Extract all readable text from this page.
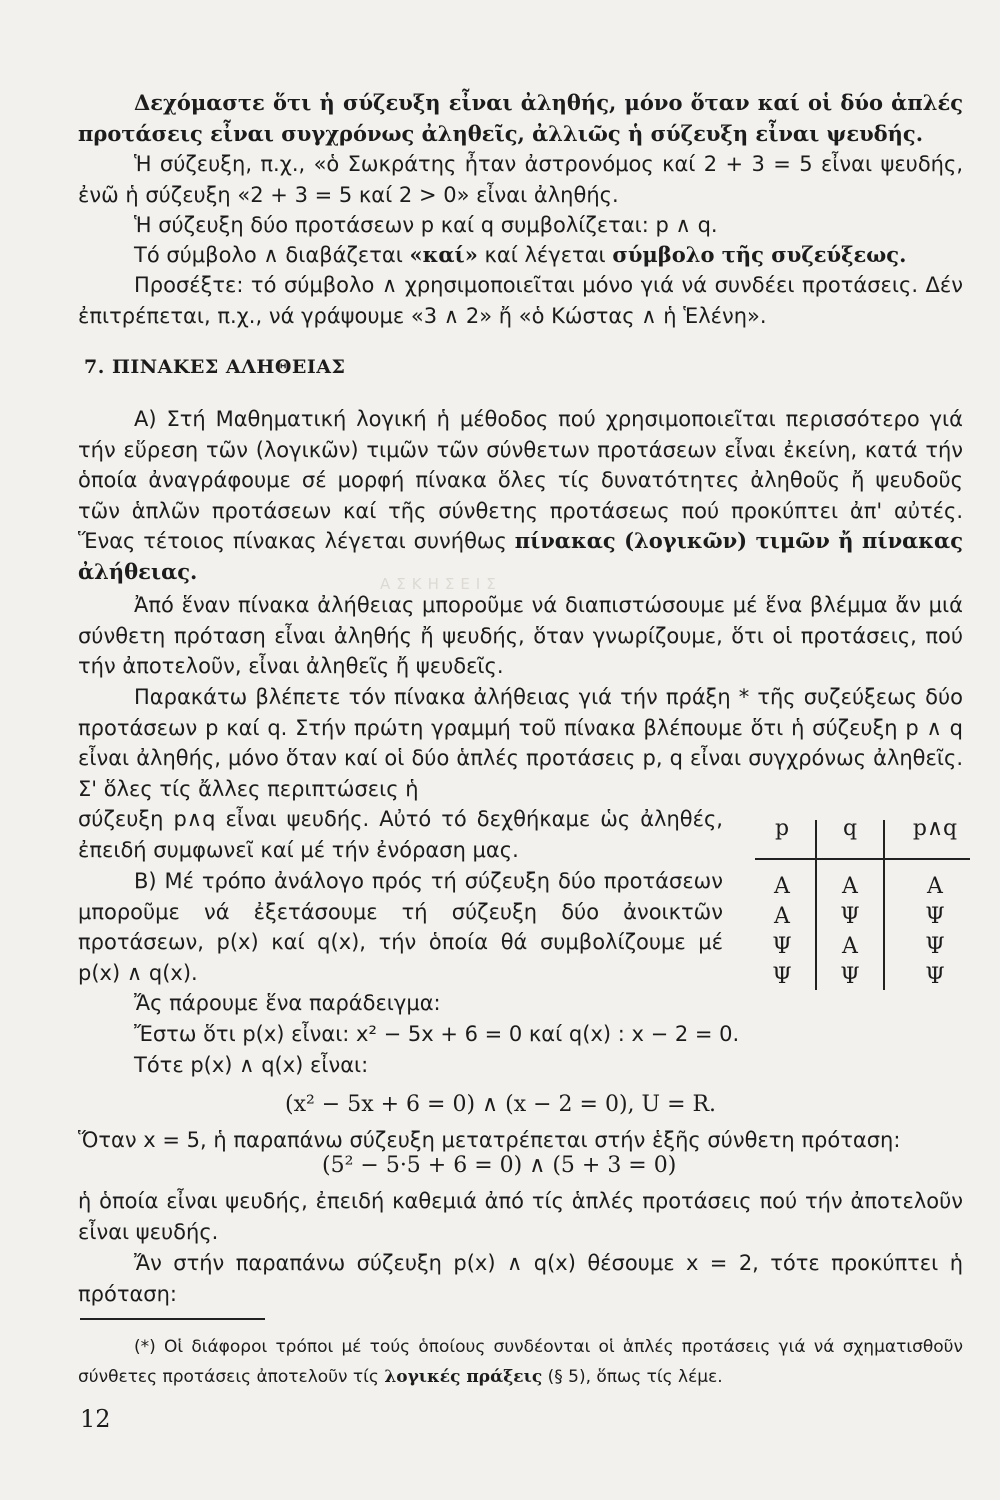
ΑΣΚΗΣΕΙΣ

Δεχόμαστε ὅτι ἡ σύζευξη εἶναι ἀληθής, μόνο ὅταν καί οἱ δύο ἁπλές προτάσεις εἶναι συγχρόνως ἀληθεῖς, ἀλλιῶς ἡ σύζευξη εἶναι ψευδής.

Ἡ σύζευξη, π.χ., «ὁ Σωκράτης ἦταν ἀστρονόμος καί 2 + 3 = 5 εἶναι ψευδής, ἐνῶ ἡ σύζευξη «2 + 3 = 5 καί 2 > 0» εἶναι ἀληθής.

Ἡ σύζευξη δύο προτάσεων p καί q συμβολίζεται: p ∧ q.

Τό σύμβολο ∧ διαβάζεται «καί» καί λέγεται σύμβολο τῆς συζεύξεως.

Προσέξτε: τό σύμβολο ∧ χρησιμοποιεῖται μόνο γιά νά συνδέει προτάσεις. Δέν ἐπιτρέπεται, π.χ., νά γράψουμε «3 ∧ 2» ἤ «ὁ Κώστας ∧ ἡ Ἑλένη».

7. ΠΙΝΑΚΕΣ ΑΛΗΘΕΙΑΣ

Α) Στή Μαθηματική λογική ἡ μέθοδος πού χρησιμοποιεῖται περισσότερο γιά τήν εὕρεση τῶν (λογικῶν) τιμῶν τῶν σύνθετων προτάσεων εἶναι ἐκείνη, κατά τήν ὁποία ἀναγράφουμε σέ μορφή πίνακα ὅλες τίς δυνατότητες ἀληθοῦς ἤ ψευδοῦς τῶν ἁπλῶν προτάσεων καί τῆς σύνθετης προτάσεως πού προκύπτει ἀπ' αὐτές. Ἕνας τέτοιος πίνακας λέγεται συνήθως πίνακας (λογικῶν) τιμῶν ἤ πίνακας ἀλήθειας.

Ἀπό ἕναν πίνακα ἀλήθειας μποροῦμε νά διαπιστώσουμε μέ ἕνα βλέμμα ἄν μιά σύνθετη πρόταση εἶναι ἀληθής ἤ ψευδής, ὅταν γνωρίζουμε, ὅτι οἱ προτάσεις, πού τήν ἀποτελοῦν, εἶναι ἀληθεῖς ἤ ψευδεῖς.

Παρακάτω βλέπετε τόν πίνακα ἀλήθειας γιά τήν πράξη * τῆς συζεύξεως δύο προτάσεων p καί q. Στήν πρώτη γραμμή τοῦ πίνακα βλέπουμε ὅτι ἡ σύζευξη p ∧ q εἶναι ἀληθής, μόνο ὅταν καί οἱ δύο ἁπλές προτάσεις p, q εἶναι συγχρόνως ἀληθεῖς. Σ' ὅλες τίς ἄλλες περιπτώσεις ἡ

σύζευξη p∧q εἶναι ψευδής. Αὐτό τό δεχθήκαμε ὡς ἀληθές, ἐπειδή συμφωνεῖ καί μέ τήν ἐνόραση μας.

Β) Μέ τρόπο ἀνάλογο πρός τή σύζευξη δύο προτάσεων μποροῦμε νά ἐξετάσουμε τή σύζευξη δύο ἀνοικτῶν προτάσεων, p(x) καί q(x), τήν ὁποία θά συμβολίζουμε μέ p(x) ∧ q(x).

Ἄς πάρουμε ἕνα παράδειγμα:

Ἔστω ὅτι p(x) εἶναι: x² − 5x + 6 = 0 καί q(x) : x − 2 = 0.

Τότε p(x) ∧ q(x) εἶναι:

(x² − 5x + 6 = 0) ∧ (x − 2 = 0), U = R.

Ὅταν x = 5, ἡ παραπάνω σύζευξη μετατρέπεται στήν ἑξῆς σύνθετη πρόταση:

(5² − 5·5 + 6 = 0) ∧ (5 + 3 = 0)

ἡ ὁποία εἶναι ψευδής, ἐπειδή καθεμιά ἀπό τίς ἁπλές προτάσεις πού τήν ἀποτελοῦν εἶναι ψευδής.

Ἄν στήν παραπάνω σύζευξη p(x) ∧ q(x) θέσουμε x = 2, τότε προκύπτει ἡ πρόταση:

p	q	p∧q
Α	Α	Α
Α	Ψ	Ψ
Ψ	Α	Ψ
Ψ	Ψ	Ψ
(*) Οἱ διάφοροι τρόποι μέ τούς ὁποίους συνδέονται οἱ ἁπλές προτάσεις γιά νά σχηματισθοῦν σύνθετες προτάσεις ἀποτελοῦν τίς λογικές πράξεις (§ 5), ὅπως τίς λέμε.
12
